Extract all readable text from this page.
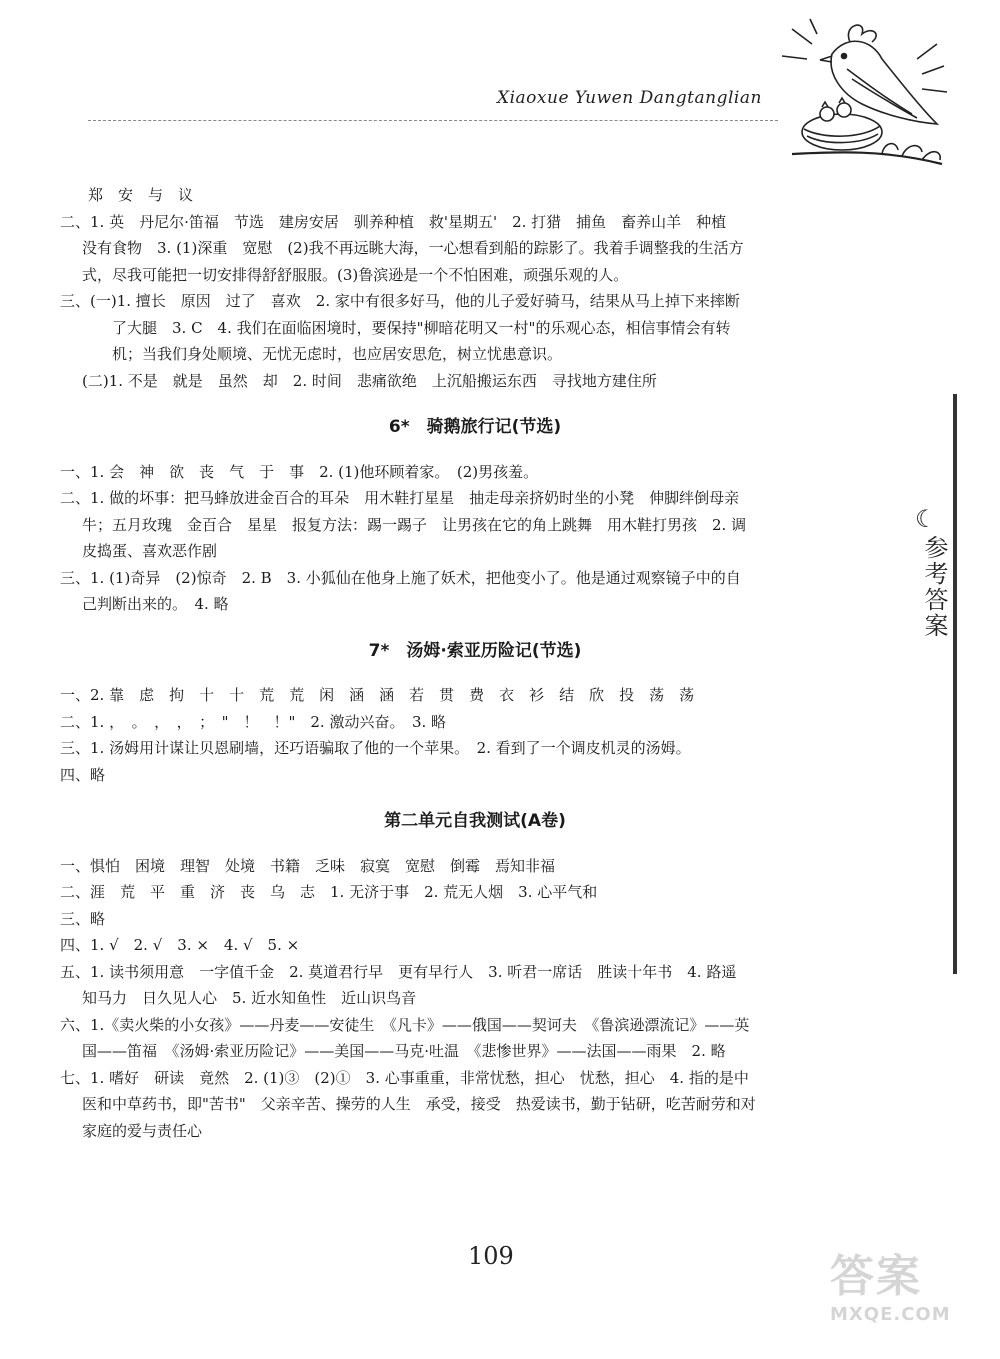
Xiaoxue Yuwen Dangtanglian
郑　安　与　议
二、1. 英　丹尼尔·笛福　节选　建房安居　驯养种植　救'星期五'　2. 打猎　捕鱼　畜养山羊　种植
没有食物　3. (1)深重　宽慰　(2)我不再远眺大海，一心想看到船的踪影了。我着手调整我的生活方
式，尽我可能把一切安排得舒舒服服。(3)鲁滨逊是一个不怕困难，顽强乐观的人。
三、(一)1. 擅长　原因　过了　喜欢　2. 家中有很多好马，他的儿子爱好骑马，结果从马上掉下来摔断
了大腿　3. C　4. 我们在面临困境时，要保持"柳暗花明又一村"的乐观心态，相信事情会有转
机；当我们身处顺境、无忧无虑时，也应居安思危，树立忧患意识。
(二)1. 不是　就是　虽然　却　2. 时间　悲痛欲绝　上沉船搬运东西　寻找地方建住所
6*　骑鹅旅行记(节选)
一、1. 会　神　欲　丧　气　于　事　2. (1)他环顾着家。　(2)男孩羞。
二、1. 做的坏事：把马蜂放进金百合的耳朵　用木鞋打星星　抽走母亲挤奶时坐的小凳　伸脚绊倒母亲
牛；五月玫瑰　金百合　星星　报复方法：踢一踢子　让男孩在它的角上跳舞　用木鞋打男孩　2. 调
皮捣蛋、喜欢恶作剧
三、1. (1)奇异　(2)惊奇　2. B　3. 小狐仙在他身上施了妖术，把他变小了。他是通过观察镜子中的自
己判断出来的。　4. 略
7*　汤姆·索亚历险记(节选)
一、2. 靠　虑　拘　十　十　荒　荒　闲　涵　涵　若　贯　费　衣　衫　结　欣　投　荡　荡
二、1. ，　。　，　，　；　"　！　！"　2. 激动兴奋。　3. 略
三、1. 汤姆用计谋让贝恩刷墙，还巧语骗取了他的一个苹果。　2. 看到了一个调皮机灵的汤姆。
四、略
第二单元自我测试(A卷)
一、惧怕　困境　理智　处境　书籍　乏味　寂寞　宽慰　倒霉　焉知非福
二、涯　荒　平　重　济　丧　乌　志　1. 无济于事　2. 荒无人烟　3. 心平气和
三、略
四、1. √　2. √　3. ×　4. √　5. ×
五、1. 读书须用意　一字值千金　2. 莫道君行早　更有早行人　3. 听君一席话　胜读十年书　4. 路遥
知马力　日久见人心　5. 近水知鱼性　近山识鸟音
六、1.《卖火柴的小女孩》——丹麦——安徒生　《凡卡》——俄国——契诃夫　《鲁滨逊漂流记》——英
国——笛福　《汤姆·索亚历险记》——美国——马克·吐温　《悲惨世界》——法国——雨果　2. 略
七、1. 嗜好　研读　竟然　2. (1)③　(2)①　3. 心事重重，非常忧愁，担心　忧愁，担心　4. 指的是中
医和中草药书，即"苦书"　父亲辛苦、操劳的人生　承受，接受　热爱读书，勤于钻研，吃苦耐劳和对
家庭的爱与责任心
☾
参考答案
109	答案
MXQE.COM
